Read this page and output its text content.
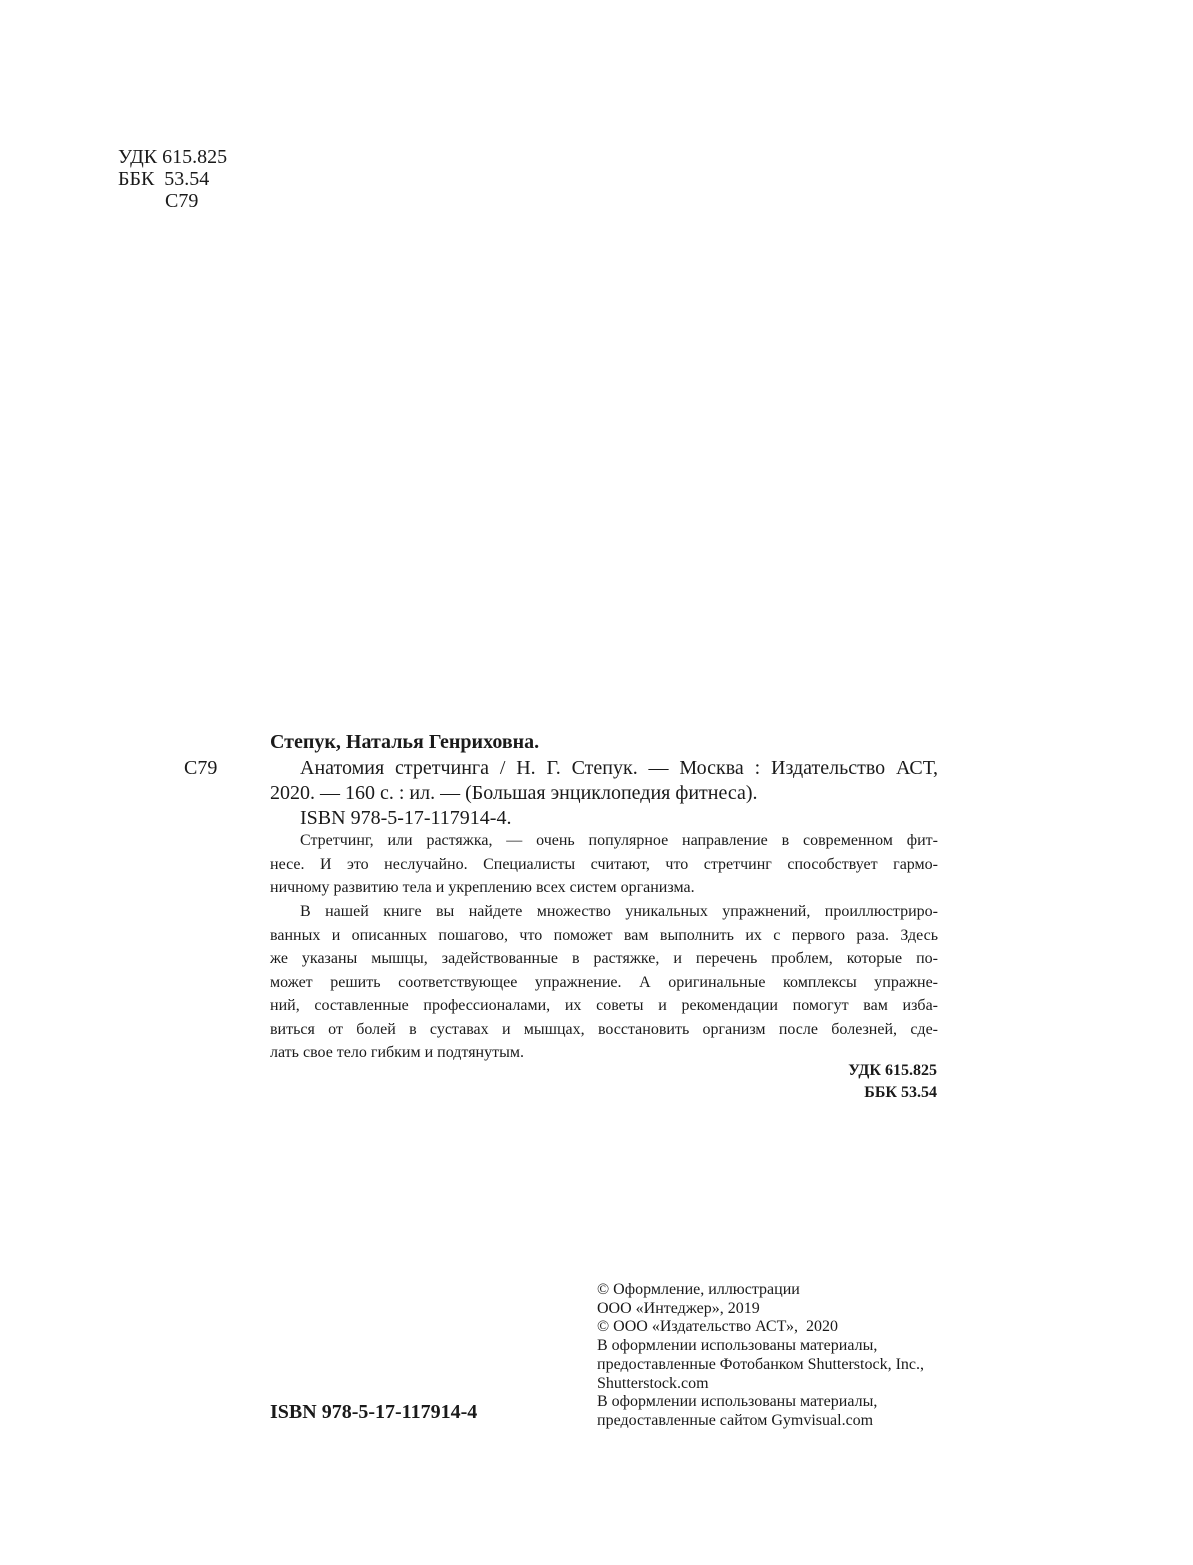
УДК 615.825
ББК  53.54
С79
С79
Степук, Наталья Генриховна.
Анатомия стретчинга / Н. Г. Степук. — Москва : Издательство АСТ,
2020. — 160 с. : ил. — (Большая энциклопедия фитнеса).
ISBN 978-5-17-117914-4.
Стретчинг, или растяжка, — очень популярное направление в современном фит-
несе. И это неслучайно. Специалисты считают, что стретчинг способствует гармо-
ничному развитию тела и укреплению всех систем организма.
В нашей книге вы найдете множество уникальных упражнений, проиллюстриро-
ванных и описанных пошагово, что поможет вам выполнить их с первого раза. Здесь
же указаны мышцы, задействованные в растяжке, и перечень проблем, которые по-
может решить соответствующее упражнение. А оригинальные комплексы упражне-
ний, составленные профессионалами, их советы и рекомендации помогут вам изба-
виться от болей в суставах и мышцах, восстановить организм после болезней, сде-
лать свое тело гибким и подтянутым.
УДК 615.825
ББК 53.54
© Оформление, иллюстрации
ООО «Интеджер», 2019
© ООО «Издательство АСТ»,  2020
В оформлении использованы материалы,
предоставленные Фотобанком Shutterstock, Inc.,
Shutterstock.com
В оформлении использованы материалы,
предоставленные сайтом Gymvisual.com
ISBN 978-5-17-117914-4
